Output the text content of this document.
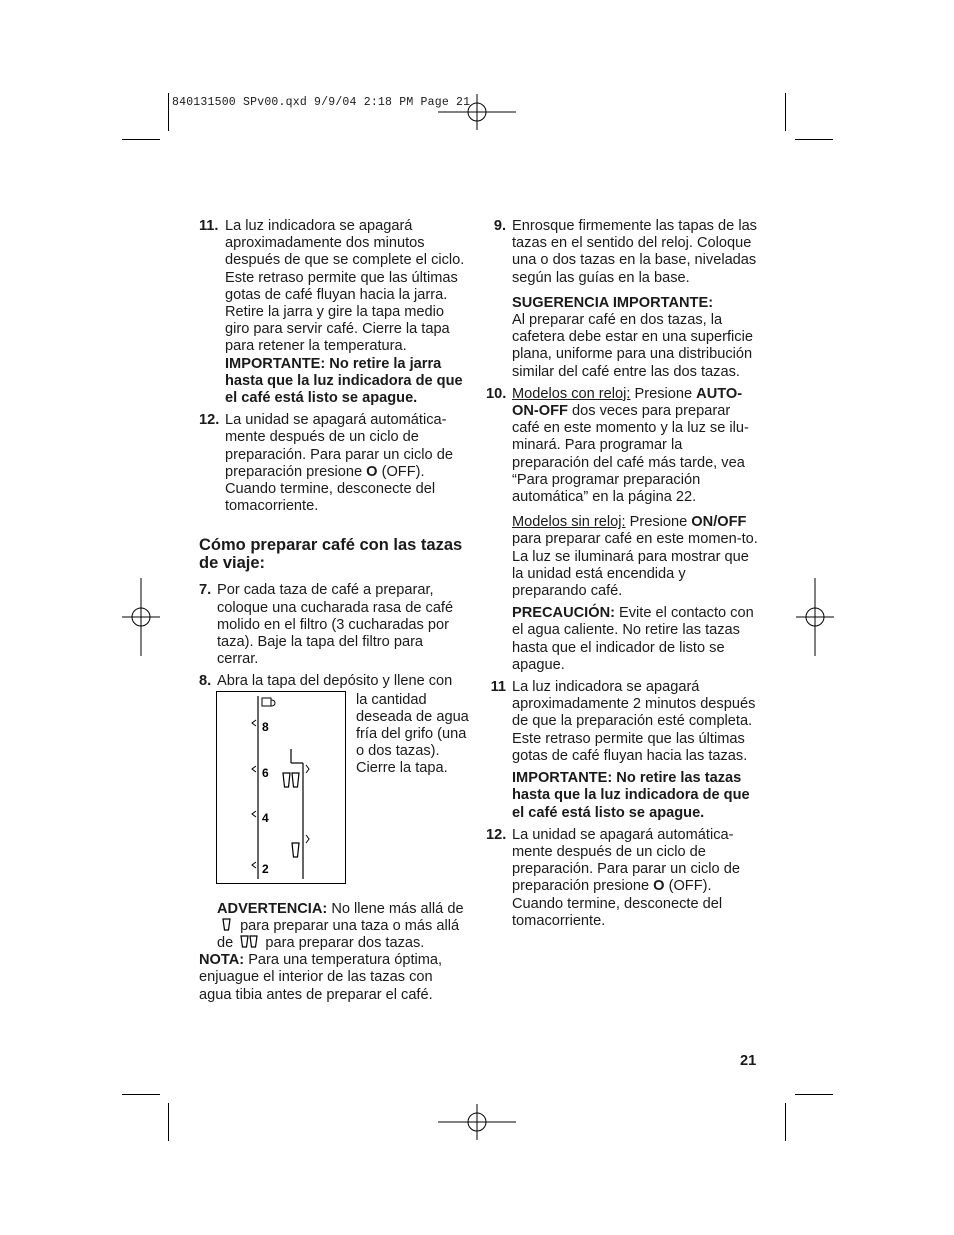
840131500 SPv00.qxd 9/9/04 2:18 PM Page 21
11. La luz indicadora se apagará aproximadamente dos minutos después de que se complete el ciclo. Este retraso permite que las últimas gotas de café fluyan hacia la jarra. Retire la jarra y gire la tapa medio giro para servir café. Cierre la tapa para retener la temperatura. IMPORTANTE: No retire la jarra hasta que la luz indicadora de que el café está listo se apague.
12. La unidad se apagará automática-mente después de un ciclo de preparación. Para parar un ciclo de preparación presione O (OFF). Cuando termine, desconecte del tomacorriente.
Cómo preparar café con las tazas de viaje:
7. Por cada taza de café a preparar, coloque una cucharada rasa de café molido en el filtro (3 cucharadas por taza). Baje la tapa del filtro para cerrar.
8. Abra la tapa del depósito y llene con
8
6
4
2
la cantidad deseada de agua fría del grifo (una o dos tazas). Cierre la tapa.
ADVERTENCIA: No llene más allá de
para preparar una taza o más allá de para preparar dos tazas.
NOTA: Para una temperatura óptima, enjuague el interior de las tazas con agua tibia antes de preparar el café.
9. Enrosque firmemente las tapas de las tazas en el sentido del reloj. Coloque una o dos tazas en la base, niveladas según las guías en la base.
SUGERENCIA IMPORTANTE:
Al preparar café en dos tazas, la cafetera debe estar en una superficie plana, uniforme para una distribución similar del café entre las dos tazas.
10. Modelos con reloj: Presione AUTO-ON-OFF dos veces para preparar café en este momento y la luz se ilu-minará. Para programar la preparación del café más tarde, vea “Para programar preparación automática” en la página 22.
Modelos sin reloj: Presione ON/OFF para preparar café en este momen-to. La luz se iluminará para mostrar que la unidad está encendida y preparando café.
PRECAUCIÓN: Evite el contacto con el agua caliente. No retire las tazas hasta que el indicador de listo se apague.
11 La luz indicadora se apagará aproximadamente 2 minutos después de que la preparación esté completa. Este retraso permite que las últimas gotas de café fluyan hacia las tazas.
IMPORTANTE: No retire las tazas hasta que la luz indicadora de que el café está listo se apague.
12. La unidad se apagará automática-mente después de un ciclo de preparación. Para parar un ciclo de preparación presione O (OFF). Cuando termine, desconecte del tomacorriente.
21
